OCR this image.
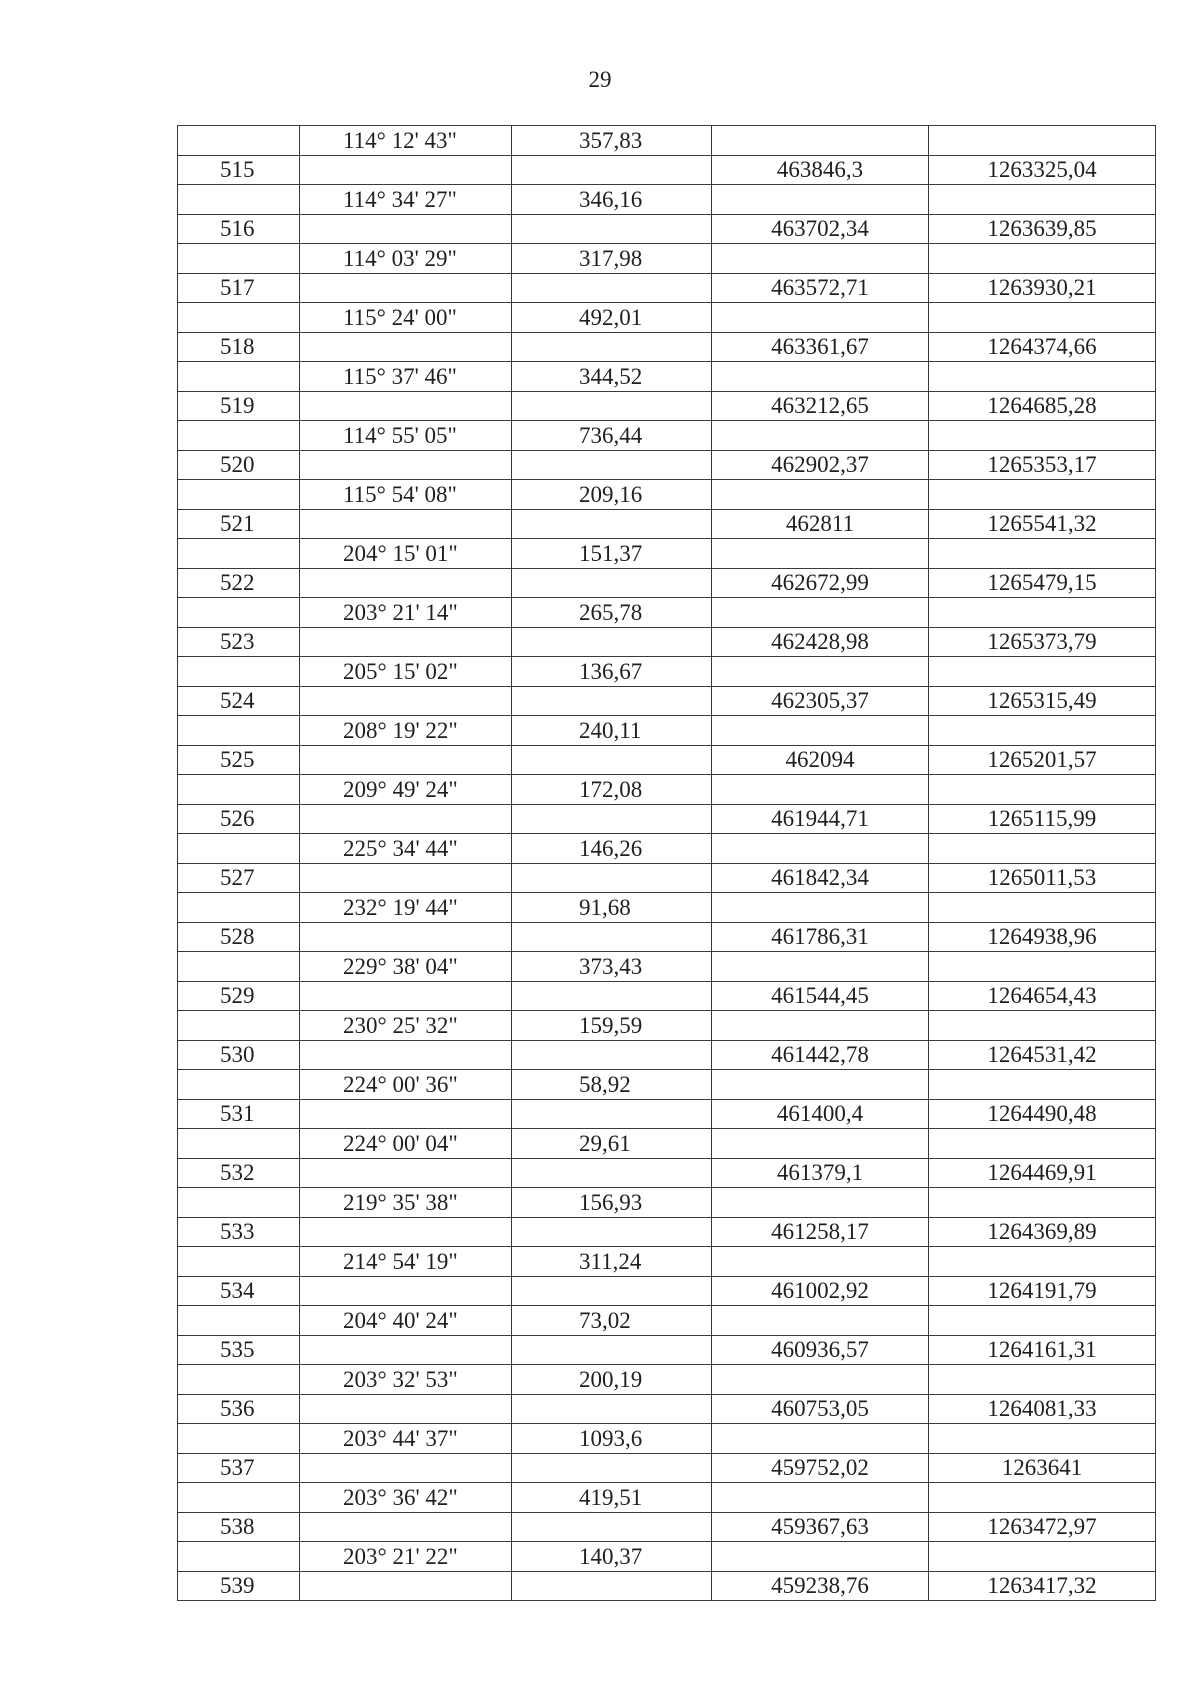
29
	114° 12' 43"	357,83		
515			463846,3	1263325,04
	114° 34' 27"	346,16		
516			463702,34	1263639,85
	114° 03' 29"	317,98		
517			463572,71	1263930,21
	115° 24' 00"	492,01		
518			463361,67	1264374,66
	115° 37' 46"	344,52		
519			463212,65	1264685,28
	114° 55' 05"	736,44		
520			462902,37	1265353,17
	115° 54' 08"	209,16		
521			462811	1265541,32
	204° 15' 01"	151,37		
522			462672,99	1265479,15
	203° 21' 14"	265,78		
523			462428,98	1265373,79
	205° 15' 02"	136,67		
524			462305,37	1265315,49
	208° 19' 22"	240,11		
525			462094	1265201,57
	209° 49' 24"	172,08		
526			461944,71	1265115,99
	225° 34' 44"	146,26		
527			461842,34	1265011,53
	232° 19' 44"	91,68		
528			461786,31	1264938,96
	229° 38' 04"	373,43		
529			461544,45	1264654,43
	230° 25' 32"	159,59		
530			461442,78	1264531,42
	224° 00' 36"	58,92		
531			461400,4	1264490,48
	224° 00' 04"	29,61		
532			461379,1	1264469,91
	219° 35' 38"	156,93		
533			461258,17	1264369,89
	214° 54' 19"	311,24		
534			461002,92	1264191,79
	204° 40' 24"	73,02		
535			460936,57	1264161,31
	203° 32' 53"	200,19		
536			460753,05	1264081,33
	203° 44' 37"	1093,6		
537			459752,02	1263641
	203° 36' 42"	419,51		
538			459367,63	1263472,97
	203° 21' 22"	140,37		
539			459238,76	1263417,32
